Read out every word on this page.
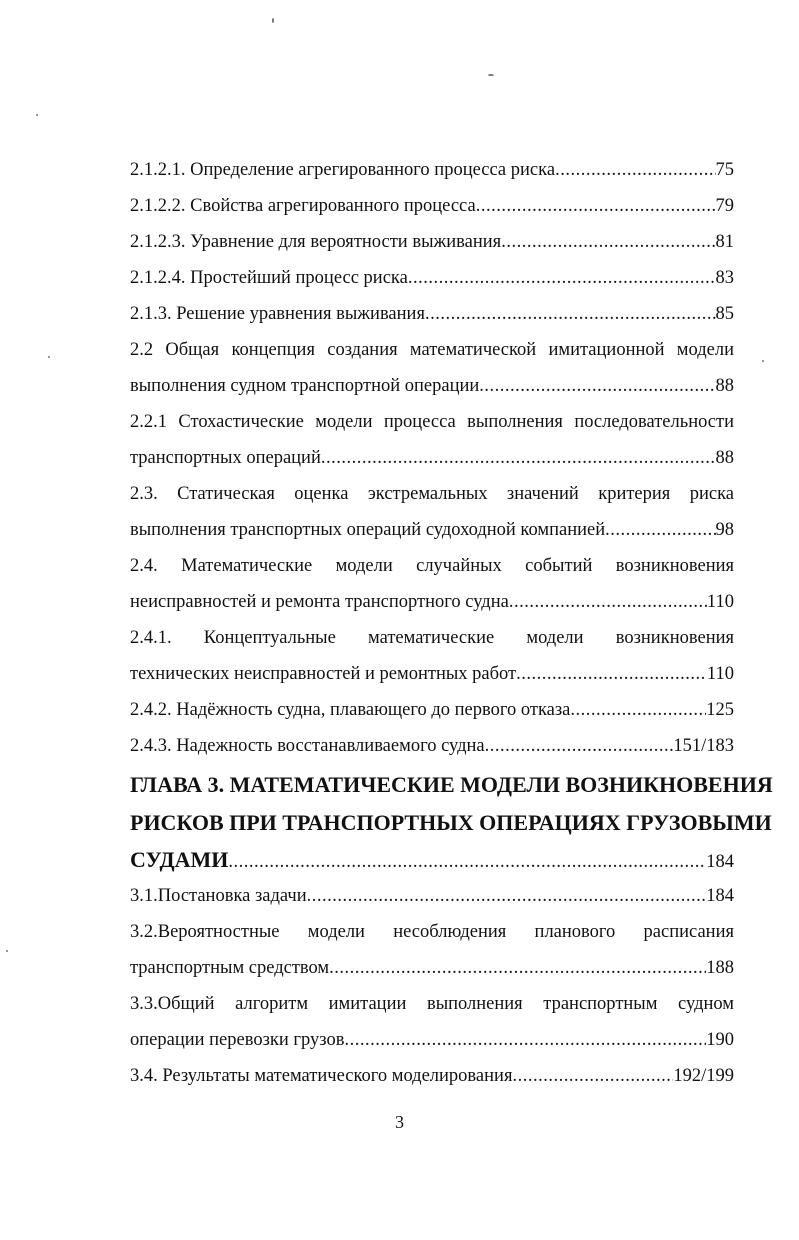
2.1.2.1. Определение агрегированного процесса риска .....	75
2.1.2.2. Свойства агрегированного процесса .....	79
2.1.2.3. Уравнение для вероятности выживания .....	81
2.1.2.4. Простейший процесс риска .....	83
2.1.3. Решение уравнения выживания .....	85
2.2 Общая концепция создания математической имитационной модели
выполнения судном транспортной операции .....	88
2.2.1 Стохастические модели процесса выполнения последовательности
транспортных операций .....	88
2.3. Статическая оценка экстремальных значений критерия риска
выполнения транспортных операций судоходной компанией .....	98
2.4. Математические модели случайных событий возникновения
неисправностей и ремонта транспортного судна .....	110
2.4.1. Концептуальные математические модели возникновения
технических неисправностей и ремонтных работ .....	110
2.4.2. Надёжность судна, плавающего до первого отказа .....	125
2.4.3. Надежность восстанавливаемого судна .....	151/183
ГЛАВА 3. МАТЕМАТИЧЕСКИЕ МОДЕЛИ ВОЗНИКНОВЕНИЯ
РИСКОВ ПРИ ТРАНСПОРТНЫХ ОПЕРАЦИЯХ ГРУЗОВЫМИ
СУДАМИ .....	184
3.1.Постановка задачи .....	184
3.2.Вероятностные модели несоблюдения планового расписания
транспортным средством .....	188
3.3.Общий алгоритм имитации выполнения транспортным судном
операции перевозки грузов .....	190
3.4. Результаты математического моделирования .....	192/199
3
